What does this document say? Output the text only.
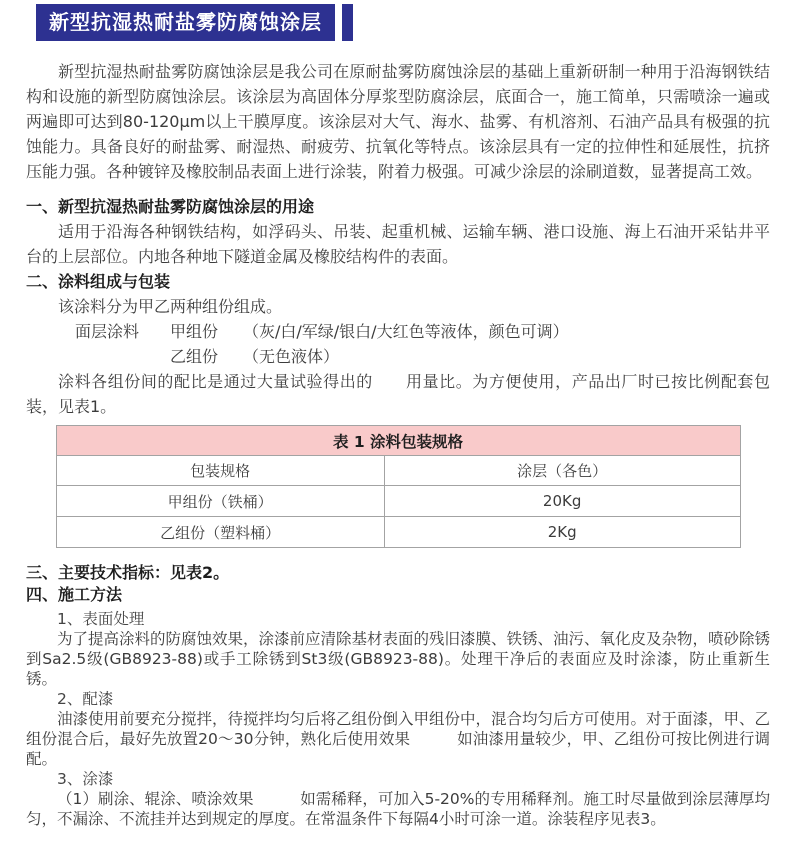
新型抗湿热耐盐雾防腐蚀涂层

新型抗湿热耐盐雾防腐蚀涂层是我公司在原耐盐雾防腐蚀涂层的基础上重新研制一种用于沿海钢铁结构和设施的新型防腐蚀涂层。该涂层为高固体分厚浆型防腐涂层，底面合一，施工简单，只需喷涂一遍或两遍即可达到80-120μm以上干膜厚度。该涂层对大气、海水、盐雾、有机溶剂、石油产品具有极强的抗蚀能力。具备良好的耐盐雾、耐湿热、耐疲劳、抗氧化等特点。该涂层具有一定的拉伸性和延展性，抗挤压能力强。各种镀锌及橡胶制品表面上进行涂装，附着力极强。可减少涂层的涂刷道数，显著提高工效。

一、新型抗湿热耐盐雾防腐蚀涂层的用途

适用于沿海各种钢铁结构，如浮码头、吊装、起重机械、运输车辆、港口设施、海上石油开采钻井平台的上层部位。内地各种地下隧道金属及橡胶结构件的表面。

二、涂料组成与包装

该涂料分为甲乙两种组份组成。

面层涂料 甲组份 （灰/白/军绿/银白/大红色等液体，颜色可调）
乙组份 （无色液体）

涂料各组份间的配比是通过大量试验得出的　　用量比。为方便使用，产品出厂时已按比例配套包装，见表1。

表 1 涂料包装规格	
包装规格	涂层（各色）
甲组份（铁桶）	20Kg
乙组份（塑料桶）	2Kg
三、主要技术指标：见表2。
四、施工方法
1、表面处理

为了提高涂料的防腐蚀效果，涂漆前应清除基材表面的残旧漆膜、铁锈、油污、氧化皮及杂物，喷砂除锈到Sa2.5级(GB8923-88)或手工除锈到St3级(GB8923-88)。处理干净后的表面应及时涂漆，防止重新生锈。

2、配漆

油漆使用前要充分搅拌，待搅拌均匀后将乙组份倒入甲组份中，混合均匀后方可使用。对于面漆，甲、乙组份混合后，最好先放置20～30分钟，熟化后使用效果　　　如油漆用量较少，甲、乙组份可按比例进行调配。

3、涂漆

（1）刷涂、辊涂、喷涂效果　　　如需稀释，可加入5-20%的专用稀释剂。施工时尽量做到涂层薄厚均匀，不漏涂、不流挂并达到规定的厚度。在常温条件下每隔4小时可涂一道。涂装程序见表3。
